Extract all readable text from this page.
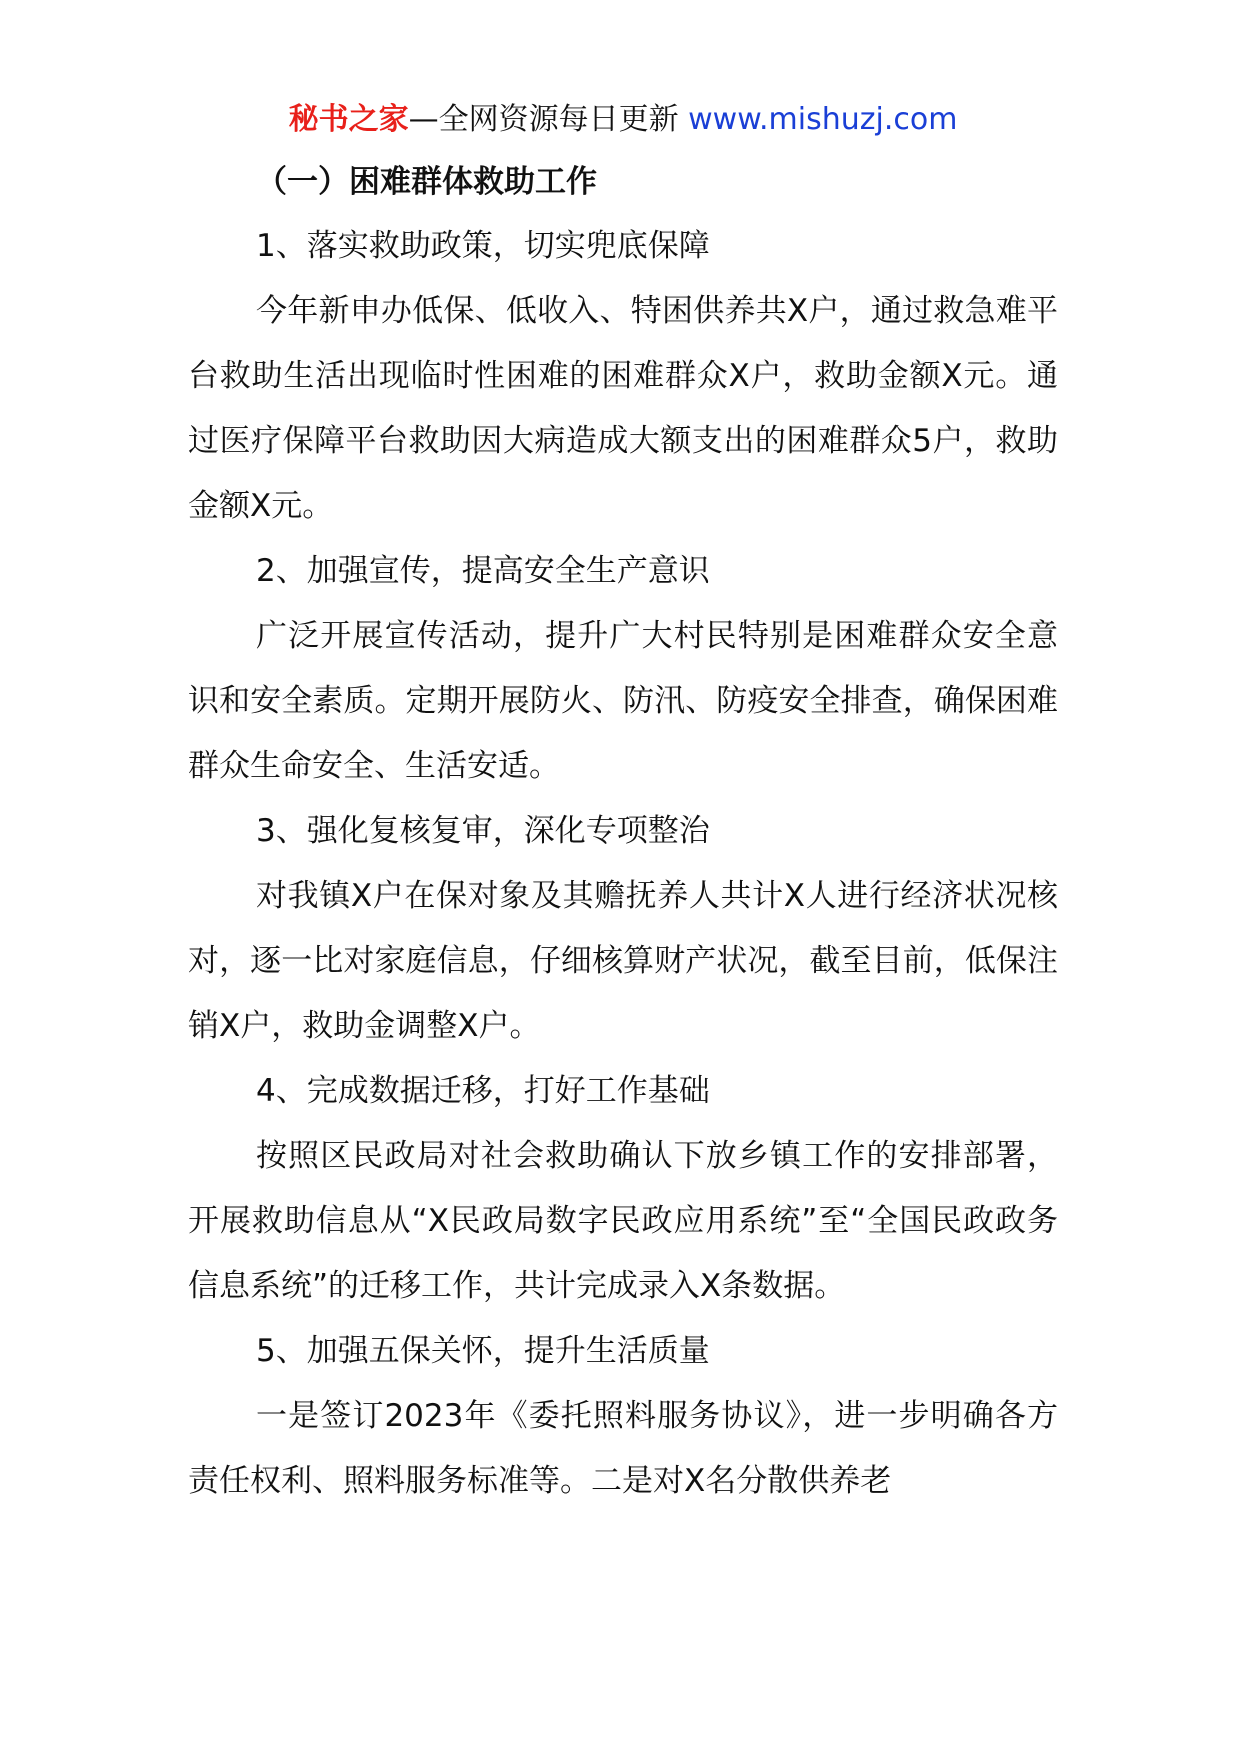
秘书之家—全网资源每日更新 www.mishuzj.com
（一）困难群体救助工作
1、落实救助政策，切实兜底保障

今年新申办低保、低收入、特困供养共X户，通过救急难平台救助生活出现临时性困难的困难群众X户，救助金额X元。通过医疗保障平台救助因大病造成大额支出的困难群众5户，救助金额X元。

2、加强宣传，提高安全生产意识

广泛开展宣传活动，提升广大村民特别是困难群众安全意识和安全素质。定期开展防火、防汛、防疫安全排查，确保困难群众生命安全、生活安适。

3、强化复核复审，深化专项整治

对我镇X户在保对象及其赡抚养人共计X人进行经济状况核对，逐一比对家庭信息，仔细核算财产状况，截至目前，低保注销X户，救助金调整X户。

4、完成数据迁移，打好工作基础

按照区民政局对社会救助确认下放乡镇工作的安排部署，开展救助信息从“X民政局数字民政应用系统”至“全国民政政务信息系统”的迁移工作，共计完成录入X条数据。

5、加强五保关怀，提升生活质量

一是签订2023年《委托照料服务协议》，进一步明确各方责任权利、照料服务标准等。二是对X名分散供养老
